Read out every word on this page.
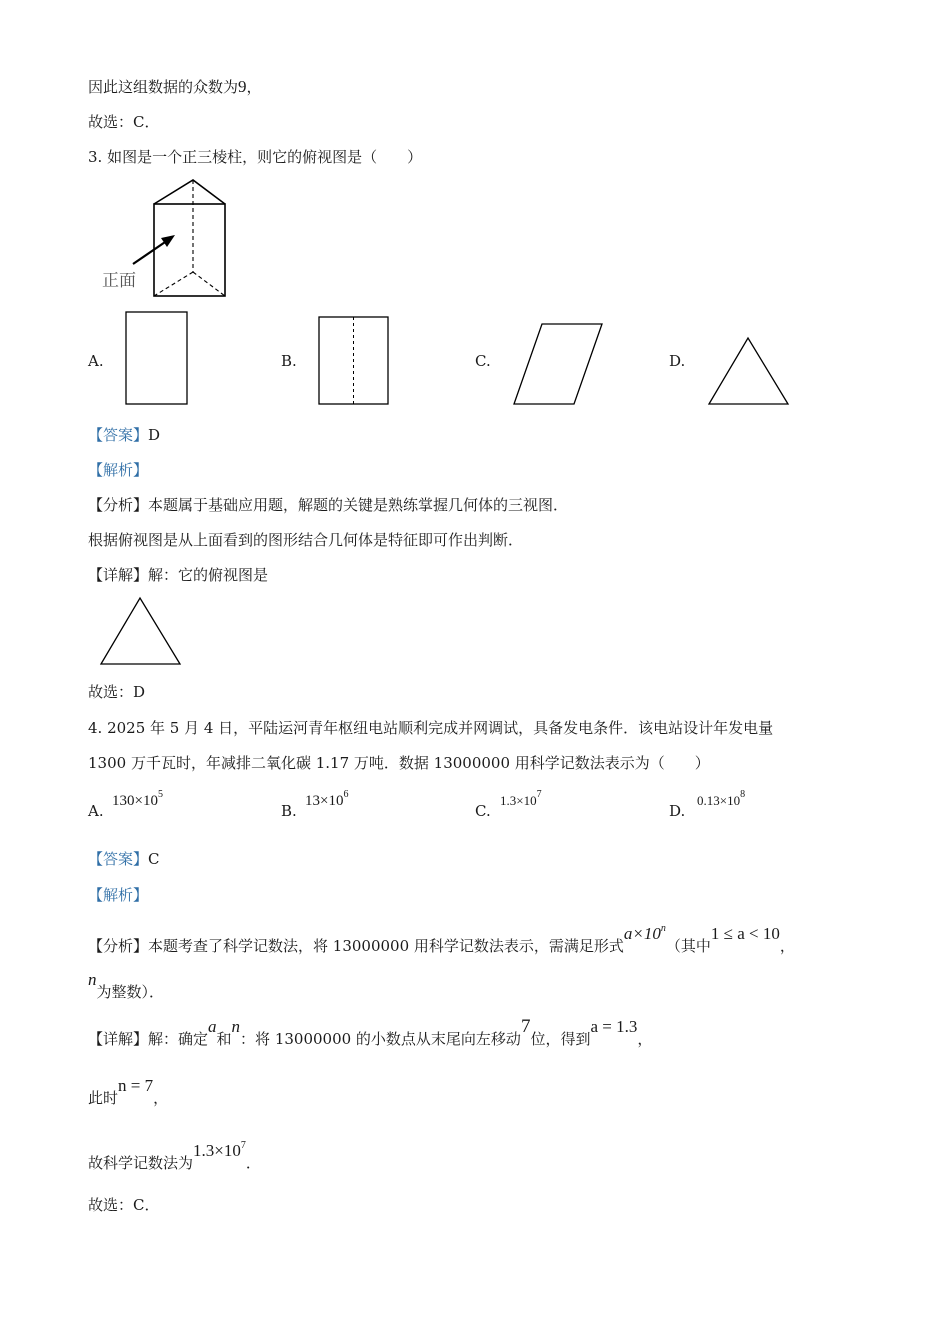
因此这组数据的众数为9，
故选：C．
3. 如图是一个正三棱柱，则它的俯视图是（　　）
正面
A.	B.	C.	D.
【答案】D
【解析】
【分析】本题属于基础应用题，解题的关键是熟练掌握几何体的三视图．
根据俯视图是从上面看到的图形结合几何体是特征即可作出判断．
【详解】解：它的俯视图是
故选：D
4. 2025 年 5 月 4 日，平陆运河青年枢纽电站顺利完成并网调试，具备发电条件．该电站设计年发电量
1300 万千瓦时，年减排二氧化碳 1.17 万吨．数据 13000000 用科学记数法表示为（　　）
A.
$130\times 10^5$
B.
$13\times 10^6$
C.
$1.3\times 10^7$
D.
$0.13\times 10^8$
【答案】C
【解析】
【分析】本题考查了科学记数法，将 13000000 用科学记数法表示，需满足形式$a\times 10^n$（其中1 ≤ a < 10，
n为整数）．
【详解】解：确定a和n：将 13000000 的小数点从末尾向左移动7位，得到a = 1.3，
此时n = 7，
故科学记数法为$1.3\times 10^7$．
故选：C．
